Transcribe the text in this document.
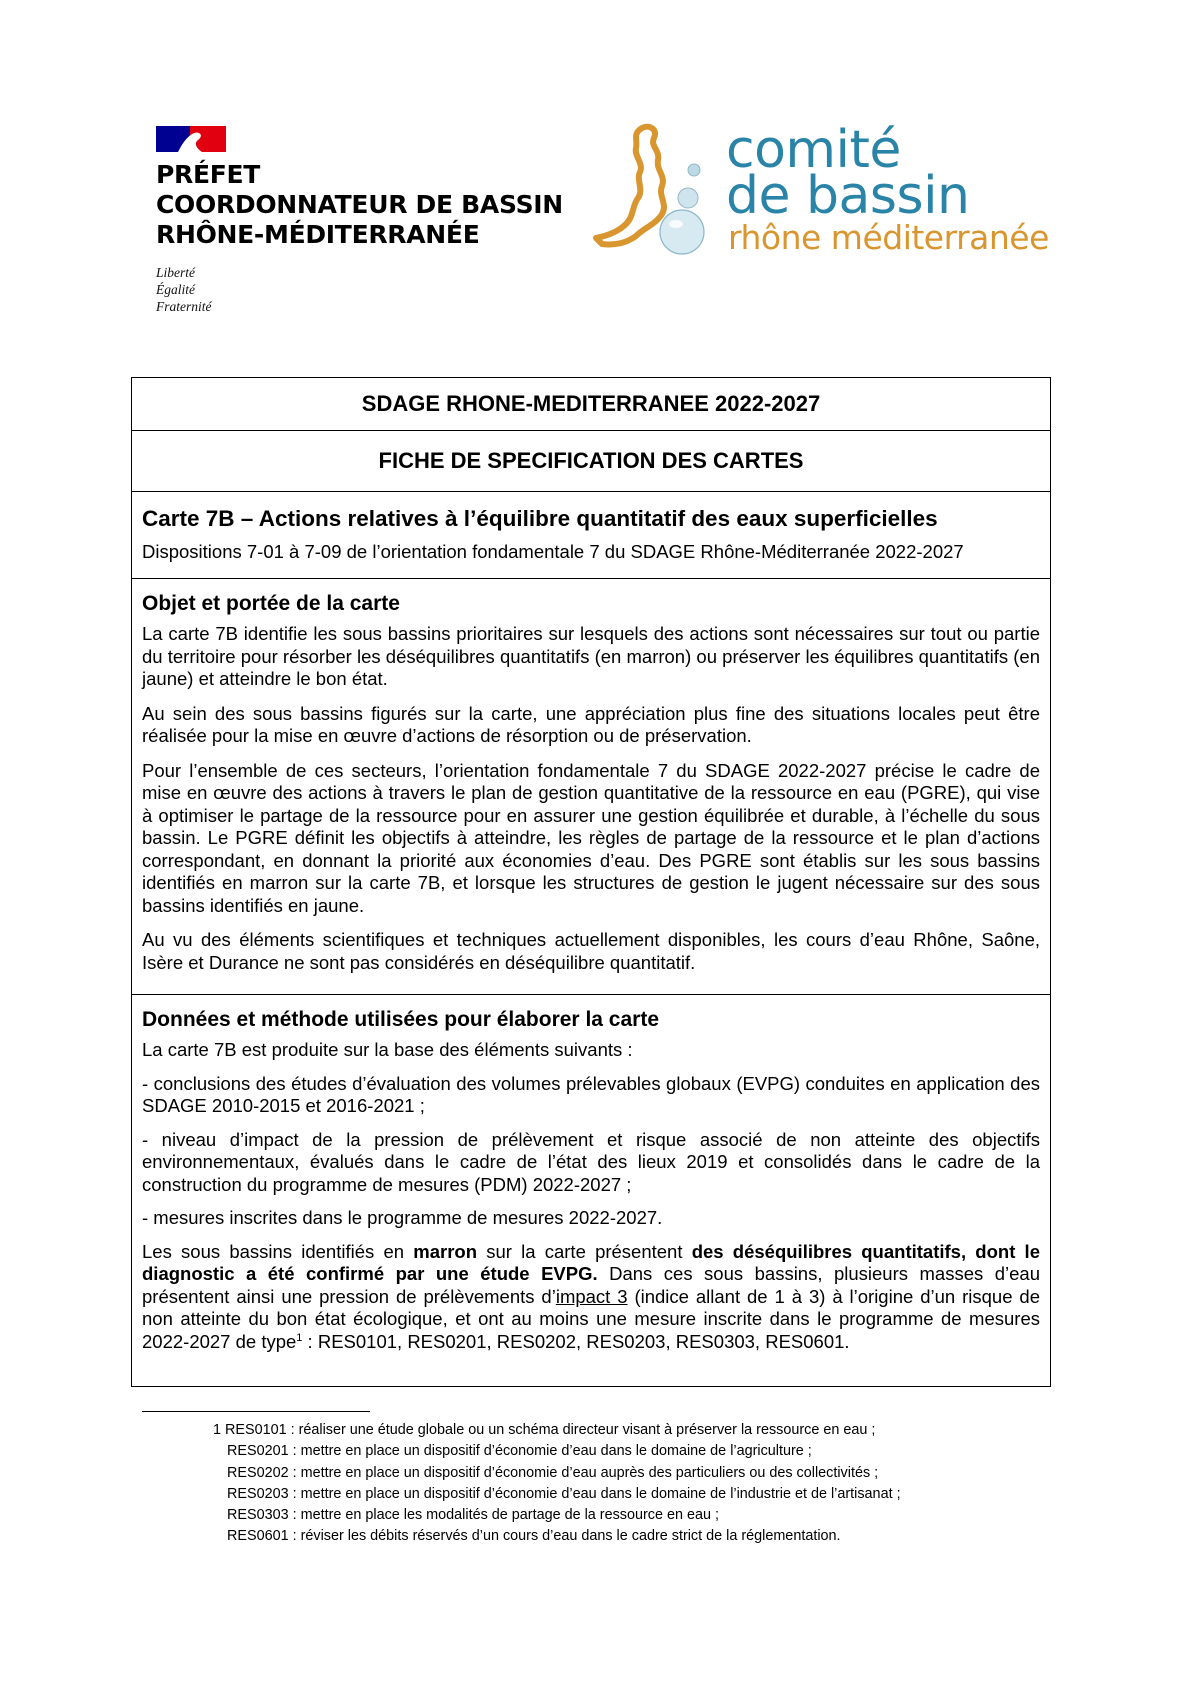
PRÉFET
COORDONNATEUR DE BASSIN
RHÔNE-MÉDITERRANÉE
Liberté
Égalité
Fraternité
comité
de bassin
rhône méditerranée
SDAGE RHONE-MEDITERRANEE 2022-2027
FICHE DE SPECIFICATION DES CARTES
Carte 7B – Actions relatives à l’équilibre quantitatif des eaux superficielles
Dispositions 7-01 à 7-09 de l’orientation fondamentale 7 du SDAGE Rhône-Méditerranée 2022-2027
Objet et portée de la carte

La carte 7B identifie les sous bassins prioritaires sur lesquels des actions sont nécessaires sur tout ou partie du territoire pour résorber les déséquilibres quantitatifs (en marron) ou préserver les équilibres quantitatifs (en jaune) et atteindre le bon état.

Au sein des sous bassins figurés sur la carte, une appréciation plus fine des situations locales peut être réalisée pour la mise en œuvre d’actions de résorption ou de préservation.

Pour l’ensemble de ces secteurs, l’orientation fondamentale 7 du SDAGE 2022-2027 précise le cadre de mise en œuvre des actions à travers le plan de gestion quantitative de la ressource en eau (PGRE), qui vise à optimiser le partage de la ressource pour en assurer une gestion équilibrée et durable, à l’échelle du sous bassin. Le PGRE définit les objectifs à atteindre, les règles de partage de la ressource et le plan d’actions correspondant, en donnant la priorité aux économies d’eau. Des PGRE sont établis sur les sous bassins identifiés en marron sur la carte 7B, et lorsque les structures de gestion le jugent nécessaire sur des sous bassins identifiés en jaune.

Au vu des éléments scientifiques et techniques actuellement disponibles, les cours d’eau Rhône, Saône, Isère et Durance ne sont pas considérés en déséquilibre quantitatif.

Données et méthode utilisées pour élaborer la carte

La carte 7B est produite sur la base des éléments suivants :

- conclusions des études d’évaluation des volumes prélevables globaux (EVPG) conduites en application des SDAGE 2010-2015 et 2016-2021 ;

- niveau d’impact de la pression de prélèvement et risque associé de non atteinte des objectifs environnementaux, évalués dans le cadre de l’état des lieux 2019 et consolidés dans le cadre de la construction du programme de mesures (PDM) 2022-2027 ;

- mesures inscrites dans le programme de mesures 2022-2027.

Les sous bassins identifiés en marron sur la carte présentent des déséquilibres quantitatifs, dont le diagnostic a été confirmé par une étude EVPG. Dans ces sous bassins, plusieurs masses d’eau présentent ainsi une pression de prélèvements d’impact 3 (indice allant de 1 à 3) à l’origine d’un risque de non atteinte du bon état écologique, et ont au moins une mesure inscrite dans le programme de mesures 2022-2027 de type$^1$ : RES0101, RES0201, RES0202, RES0203, RES0303, RES0601.

1 RES0101 : réaliser une étude globale ou un schéma directeur visant à préserver la ressource en eau ;
RES0201 : mettre en place un dispositif d’économie d’eau dans le domaine de l’agriculture ;
RES0202 : mettre en place un dispositif d’économie d’eau auprès des particuliers ou des collectivités ;
RES0203 : mettre en place un dispositif d’économie d’eau dans le domaine de l’industrie et de l’artisanat ;
RES0303 : mettre en place les modalités de partage de la ressource en eau ;
RES0601 : réviser les débits réservés d’un cours d’eau dans le cadre strict de la réglementation.
